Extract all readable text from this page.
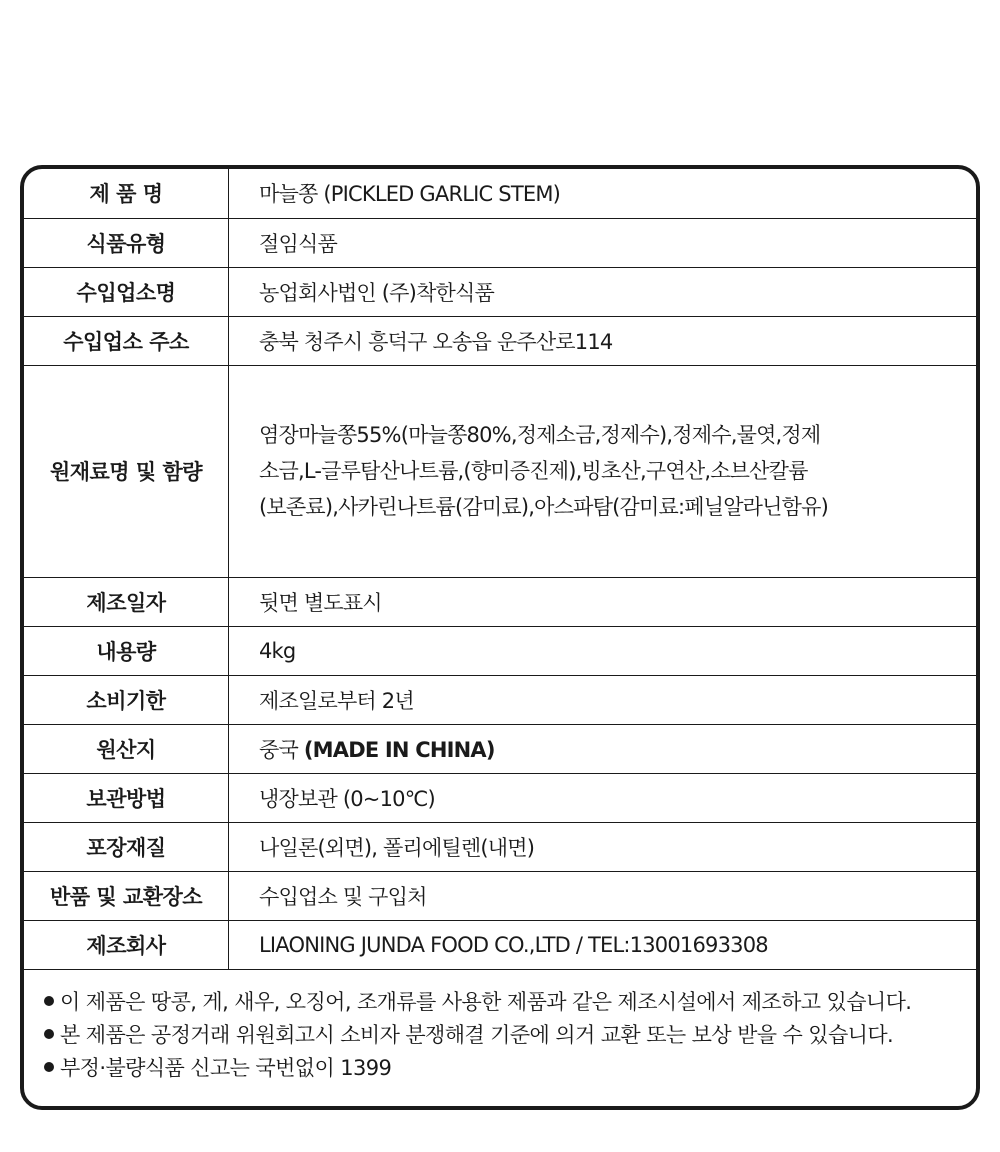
제 품 명	마늘쫑 (PICKLED GARLIC STEM)
식품유형	절임식품
수입업소명	농업회사법인 (주)착한식품
수입업소 주소	충북 청주시 흥덕구 오송읍 운주산로114
원재료명 및 함량	염장마늘쫑55%(마늘쫑80%,정제소금,정제수),정제수,물엿,정제
소금,L-글루탐산나트륨,(향미증진제),빙초산,구연산,소브산칼륨
(보존료),사카린나트륨(감미료),아스파탐(감미료:페닐알라닌함유)

제조일자	뒷면 별도표시
내용량	4kg
소비기한	제조일로부터 2년
원산지	중국 (MADE IN CHINA)
보관방법	냉장보관 (0~10℃)
포장재질	나일론(외면), 폴리에틸렌(내면)
반품 및 교환장소	수입업소 및 구입처
제조회사	LIAONING JUNDA FOOD CO.,LTD / TEL:13001693308
이 제품은 땅콩, 게, 새우, 오징어, 조개류를 사용한 제품과 같은 제조시설에서 제조하고 있습니다.
본 제품은 공정거래 위원회고시 소비자 분쟁해결 기준에 의거 교환 또는 보상 받을 수 있습니다.
부정·불량식품 신고는 국번없이 1399
